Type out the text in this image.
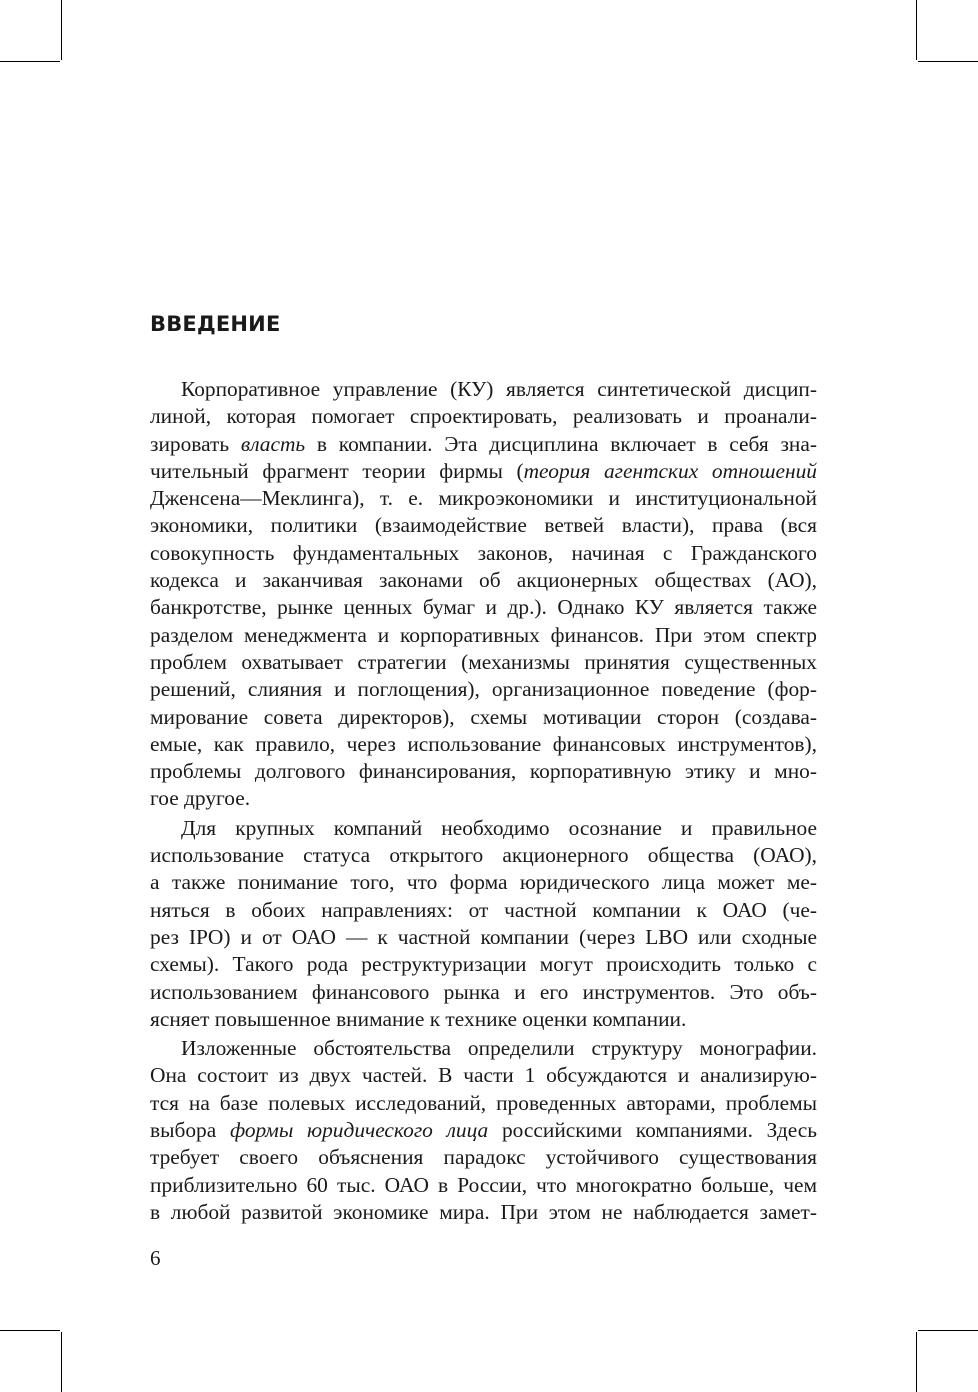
ВВЕДЕНИЕ

Корпоративное управление (КУ) является синтетической дисцип-
линой, которая помогает спроектировать, реализовать и проанали-
зировать власть в компании. Эта дисциплина включает в себя зна-
чительный фрагмент теории фирмы (теория агентских отношений
Дженсена—Меклинга), т. е. микроэкономики и институциональной
экономики, политики (взаимодействие ветвей власти), права (вся
совокупность фундаментальных законов, начиная с Гражданского
кодекса и заканчивая законами об акционерных обществах (АО),
банкротстве, рынке ценных бумаг и др.). Однако КУ является также
разделом менеджмента и корпоративных финансов. При этом спектр
проблем охватывает стратегии (механизмы принятия существенных
решений, слияния и поглощения), организационное поведение (фор-
мирование совета директоров), схемы мотивации сторон (создава-
емые, как правило, через использование финансовых инструментов),
проблемы долгового финансирования, корпоративную этику и мно-
гое другое.

Для крупных компаний необходимо осознание и правильное
использование статуса открытого акционерного общества (ОАО),
а также понимание того, что форма юридического лица может ме-
няться в обоих направлениях: от частной компании к ОАО (че-
рез IPO) и от ОАО — к частной компании (через LBO или сходные
схемы). Такого рода реструктуризации могут происходить только с
использованием финансового рынка и его инструментов. Это объ-
ясняет повышенное внимание к технике оценки компании.

Изложенные обстоятельства определили структуру монографии.
Она состоит из двух частей. В части 1 обсуждаются и анализирую-
тся на базе полевых исследований, проведенных авторами, проблемы
выбора формы юридического лица российскими компаниями. Здесь
требует своего объяснения парадокс устойчивого существования
приблизительно 60 тыс. ОАО в России, что многократно больше, чем
в любой развитой экономике мира. При этом не наблюдается замет-

6
